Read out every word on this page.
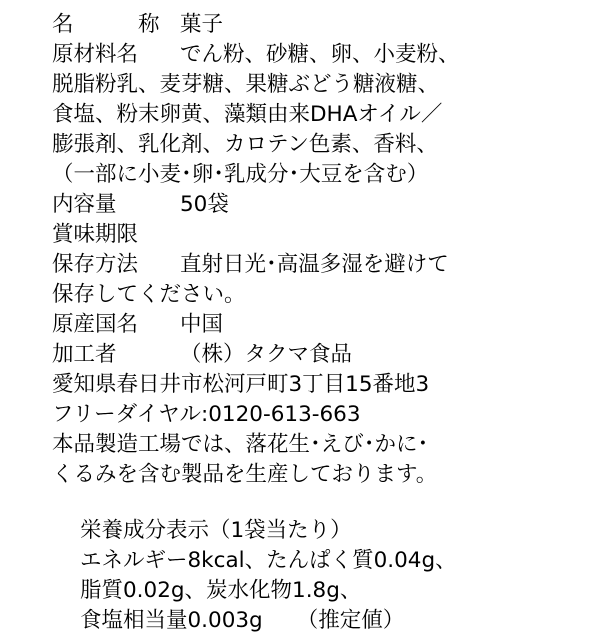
名　　　称 菓子
原材料名	でん粉、砂糖、卵、小麦粉、
脱脂粉乳、麦芽糖、果糖ぶどう糖液糖、
食塩、粉末卵黄、藻類由来DHAオイル／
膨張剤、乳化剤、カロテン色素、香料、
（一部に小麦･卵･乳成分･大豆を含む）
内容量	50袋
賞味期限
保存方法	直射日光･高温多湿を避けて
保存してください。
原産国名	中国
加工者	（株）タクマ食品
愛知県春日井市松河戸町3丁目15番地3
フリーダイヤル:0120-613-663
本品製造工場では、落花生･えび･かに･
くるみを含む製品を生産しております。
栄養成分表示（1袋当たり）
エネルギー8kcal、たんぱく質0.04g、
脂質0.02g、炭水化物1.8g、
食塩相当量0.003g （推定値）
